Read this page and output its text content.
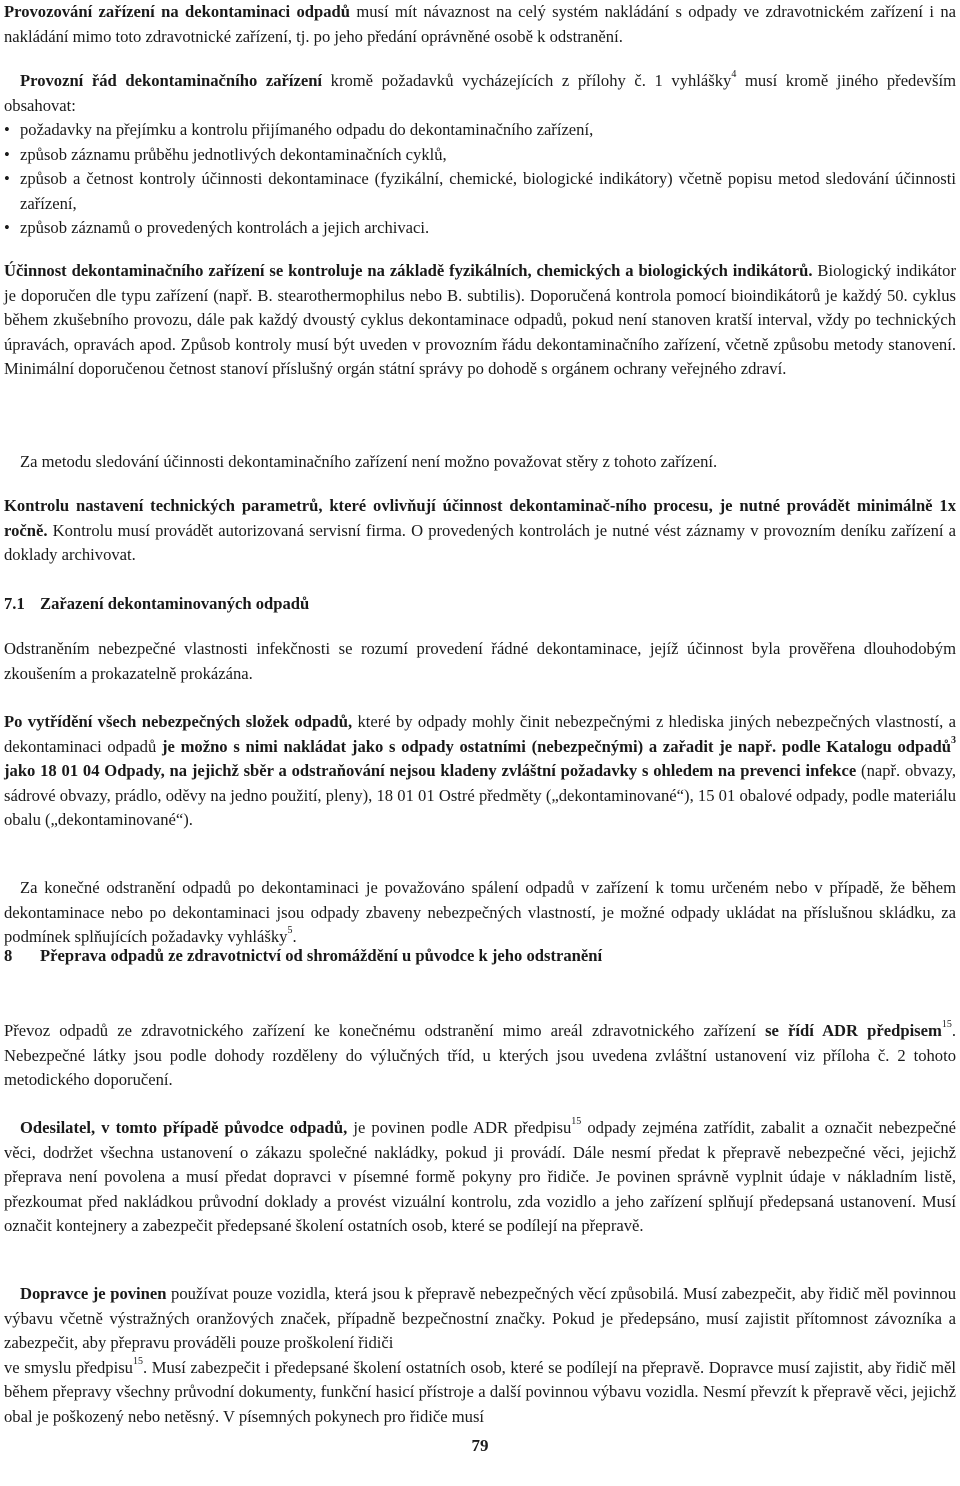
Provozování zařízení na dekontaminaci odpadů musí mít návaznost na celý systém nakládání s odpady ve zdravotnickém zařízení i na nakládání mimo toto zdravotnické zařízení, tj. po jeho předání oprávněné osobě k odstranění.

Provozní řád dekontaminačního zařízení kromě požadavků vycházejících z přílohy č. 1 vyhlášky$^4$ musí kromě jiného především obsahovat:

• požadavky na přejímku a kontrolu přijímaného odpadu do dekontaminačního zařízení,
• způsob záznamu průběhu jednotlivých dekontaminačních cyklů,
• způsob a četnost kontroly účinnosti dekontaminace (fyzikální, chemické, biologické indikátory) včetně popisu metod sledování účinnosti zařízení,
• způsob záznamů o provedených kontrolách a jejich archivaci.

Účinnost dekontaminačního zařízení se kontroluje na základě fyzikálních, chemických a biologických indikátorů. Biologický indikátor je doporučen dle typu zařízení (např. B. stearothermophilus nebo B. subtilis). Doporučená kontrola pomocí bioindikátorů je každý 50. cyklus během zkušebního provozu, dále pak každý dvoustý cyklus dekontaminace odpadů, pokud není stanoven kratší interval, vždy po technických úpravách, opravách apod. Způsob kontroly musí být uveden v provozním řádu dekontaminačního zařízení, včetně způsobu metody stanovení. Minimální doporučenou četnost stanoví příslušný orgán státní správy po dohodě s orgánem ochrany veřejného zdraví.

Za metodu sledování účinnosti dekontaminačního zařízení není možno považovat stěry z tohoto zařízení.

Kontrolu nastavení technických parametrů, které ovlivňují účinnost dekontaminač-ního procesu, je nutné provádět minimálně 1x ročně. Kontrolu musí provádět autorizovaná servisní firma. O provedených kontrolách je nutné vést záznamy v provozním deníku zařízení a doklady archivovat.

7.1 Zařazení dekontaminovaných odpadů

Odstraněním nebezpečné vlastnosti infekčnosti se rozumí provedení řádné dekontaminace, jejíž účinnost byla prověřena dlouhodobým zkoušením a prokazatelně prokázána.

Po vytřídění všech nebezpečných složek odpadů, které by odpady mohly činit nebezpečnými z hlediska jiných nebezpečných vlastností, a dekontaminaci odpadů je možno s nimi nakládat jako s odpady ostatními (nebezpečnými) a zařadit je např. podle Katalogu odpadů$^3$ jako 18 01 04 Odpady, na jejichž sběr a odstraňování nejsou kladeny zvláštní požadavky s ohledem na prevenci infekce (např. obvazy, sádrové obvazy, prádlo, oděvy na jedno použití, pleny), 18 01 01 Ostré předměty („dekontaminované“), 15 01 obalové odpady, podle materiálu obalu („dekontaminované“).

Za konečné odstranění odpadů po dekontaminaci je považováno spálení odpadů v zařízení k tomu určeném nebo v případě, že během dekontaminace nebo po dekontaminaci jsou odpady zbaveny nebezpečných vlastností, je možné odpady ukládat na příslušnou skládku, za podmínek splňujících požadavky vyhlášky$^5$.

8 Přeprava odpadů ze zdravotnictví od shromáždění u původce k jeho odstranění

Převoz odpadů ze zdravotnického zařízení ke konečnému odstranění mimo areál zdravotnického zařízení se řídí ADR předpisem$^{15}$. Nebezpečné látky jsou podle dohody rozděleny do výlučných tříd, u kterých jsou uvedena zvláštní ustanovení viz příloha č. 2 tohoto metodického doporučení.

Odesilatel, v tomto případě původce odpadů, je povinen podle ADR předpisu$^{15}$ odpady zejména zatřídit, zabalit a označit nebezpečné věci, dodržet všechna ustanovení o zákazu společné nakládky, pokud ji provádí. Dále nesmí předat k přepravě nebezpečné věci, jejichž přeprava není povolena a musí předat dopravci v písemné formě pokyny pro řidiče. Je povinen správně vyplnit údaje v nákladním listě, přezkoumat před nakládkou průvodní doklady a provést vizuální kontrolu, zda vozidlo a jeho zařízení splňují předepsaná ustanovení. Musí označit kontejnery a zabezpečit předepsané školení ostatních osob, které se podílejí na přepravě.

Dopravce je povinen používat pouze vozidla, která jsou k přepravě nebezpečných věcí způsobilá. Musí zabezpečit, aby řidič měl povinnou výbavu včetně výstražných oranžových značek, případně bezpečnostní značky. Pokud je předepsáno, musí zajistit přítomnost závozníka a zabezpečit, aby přepravu prováděli pouze proškolení řidiči
ve smyslu předpisu$^{15}$. Musí zabezpečit i předepsané školení ostatních osob, které se podílejí na přepravě. Dopravce musí zajistit, aby řidič měl během přepravy všechny průvodní dokumenty, funkční hasicí přístroje a další povinnou výbavu vozidla. Nesmí převzít k přepravě věci, jejichž obal je poškozený nebo netěsný. V písemných pokynech pro řidiče musí

79
